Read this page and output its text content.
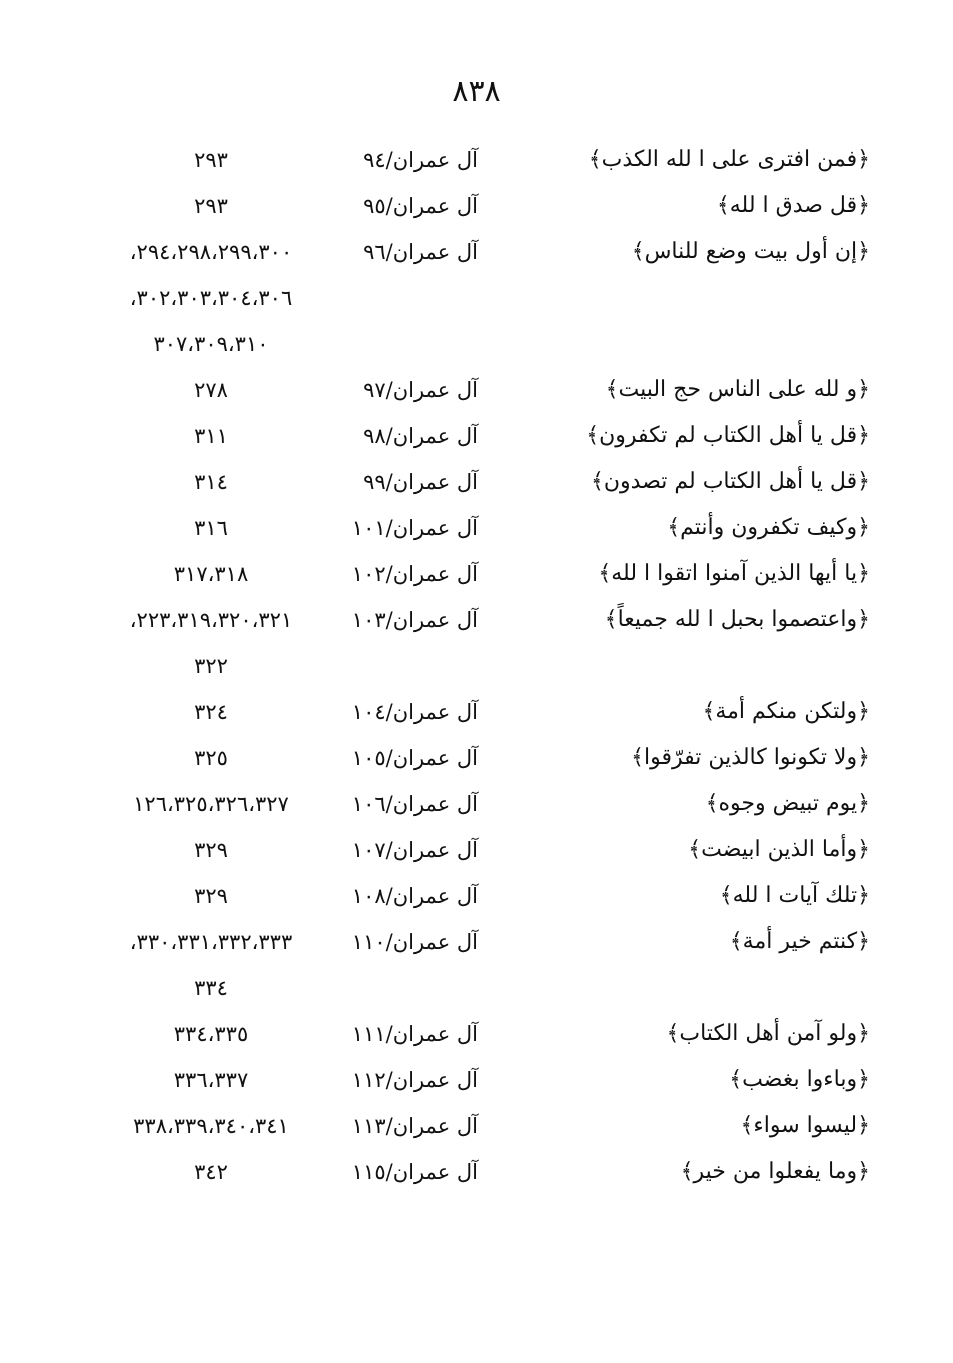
٨٣٨
﴿فمن افترى على ا لله الكذب﴾
آل عمران/٩٤
٢٩٣
﴿قل صدق ا لله﴾
آل عمران/٩٥
٢٩٣
﴿إن أول بيت وضع للناس﴾
آل عمران/٩٦
٢٩٤،٢٩٨،٢٩٩،٣٠٠،
٣٠٢،٣٠٣،٣٠٤،٣٠٦،
٣٠٧،٣٠٩،٣١٠
﴿و لله على الناس حج البيت﴾
آل عمران/٩٧
٢٧٨
﴿قل يا أهل الكتاب لم تكفرون﴾
آل عمران/٩٨
٣١١
﴿قل يا أهل الكتاب لم تصدون﴾
آل عمران/٩٩
٣١٤
﴿وكيف تكفرون وأنتم﴾
آل عمران/١٠١
٣١٦
﴿يا أيها الذين آمنوا اتقوا ا لله﴾
آل عمران/١٠٢
٣١٧،٣١٨
﴿واعتصموا بحبل ا لله جميعاً﴾
آل عمران/١٠٣
٢٢٣،٣١٩،٣٢٠،٣٢١،
٣٢٢
﴿ولتكن منكم أمة﴾
آل عمران/١٠٤
٣٢٤
﴿ولا تكونوا كالذين تفرّقوا﴾
آل عمران/١٠٥
٣٢٥
﴿يوم تبيض وجوه﴾
آل عمران/١٠٦
١٢٦،٣٢٥،٣٢٦،٣٢٧
﴿وأما الذين ابيضت﴾
آل عمران/١٠٧
٣٢٩
﴿تلك آيات ا لله﴾
آل عمران/١٠٨
٣٢٩
﴿كنتم خير أمة﴾
آل عمران/١١٠
٣٣٠،٣٣١،٣٣٢،٣٣٣،
٣٣٤
﴿ولو آمن أهل الكتاب﴾
آل عمران/١١١
٣٣٤،٣٣٥
﴿وباءوا بغضب﴾
آل عمران/١١٢
٣٣٦،٣٣٧
﴿ليسوا سواء﴾
آل عمران/١١٣
٣٣٨،٣٣٩،٣٤٠،٣٤١
﴿وما يفعلوا من خير﴾
آل عمران/١١٥
٣٤٢
